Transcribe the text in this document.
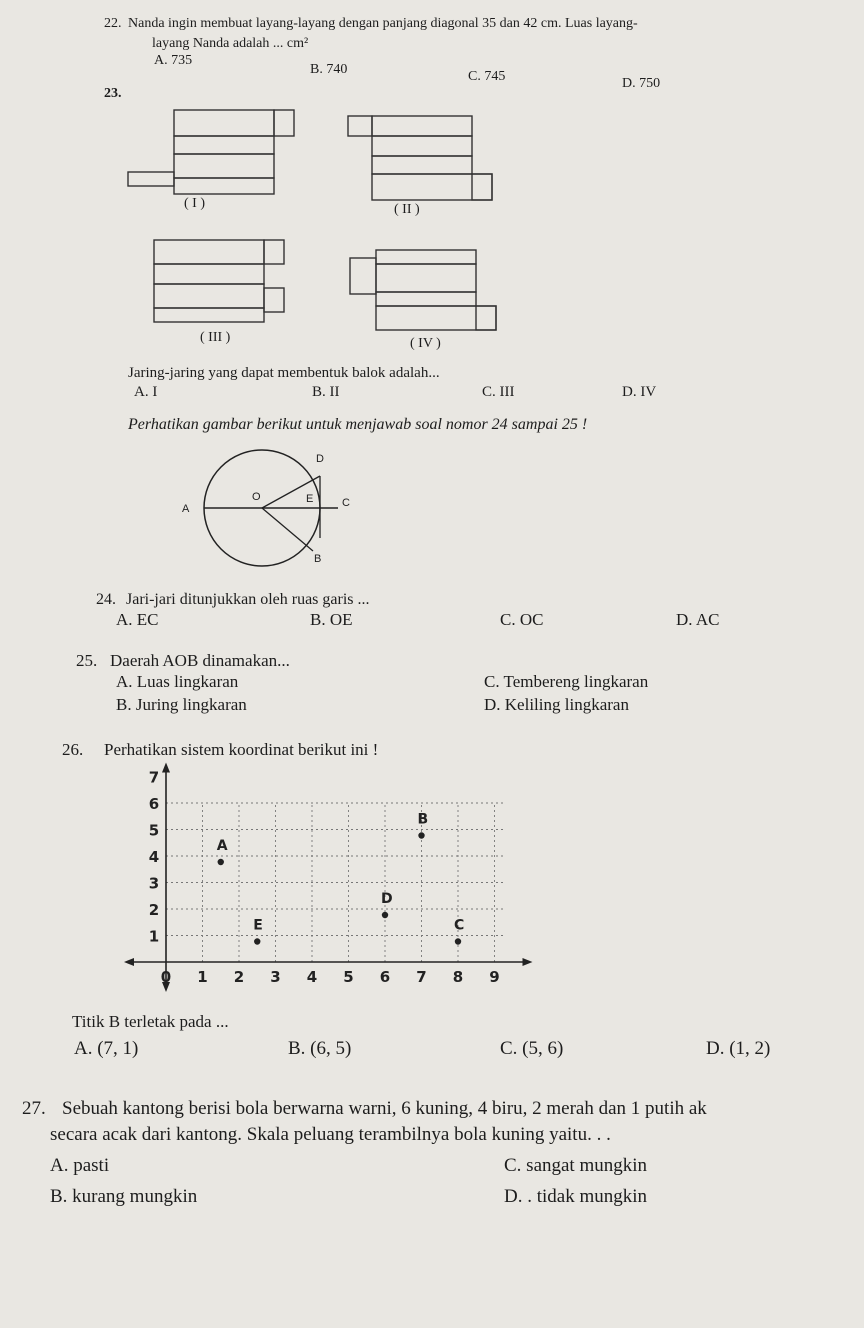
22. Nanda ingin membuat layang-layang dengan panjang diagonal 35 dan 42 cm. Luas layang-
layang Nanda adalah ... cm²
A. 735
B. 740	C. 745	D. 750
23.
( I )	( II )
( III )	( IV )
Jaring-jaring yang dapat membentuk balok adalah...
A. I	B. II	C. III	D. IV
Perhatikan gambar berikut untuk menjawab soal nomor 24 sampai 25 !
D
A
O	E	C
B
24. Jari-jari ditunjukkan oleh ruas garis ...
A. EC	B. OE	C. OC	D. AC
25. Daerah AOB dinamakan...
A. Luas lingkaran	C. Tembereng lingkaran
B. Juring lingkaran	D. Keliling lingkaran
26. Perhatikan sistem koordinat berikut ini !
0 1 2 3 4 5 6 7 8 9
1
2
3
4
5
6
7
A
B
C
D
E
Titik B terletak pada ...
A. (7, 1)	B. (6, 5)	C. (5, 6)	D. (1, 2)
27. Sebuah kantong berisi bola berwarna warni, 6 kuning, 4 biru, 2 merah dan 1 putih ak
secara acak dari kantong. Skala peluang terambilnya bola kuning yaitu. . .
A. pasti	C. sangat mungkin
B. kurang mungkin	D. . tidak mungkin
